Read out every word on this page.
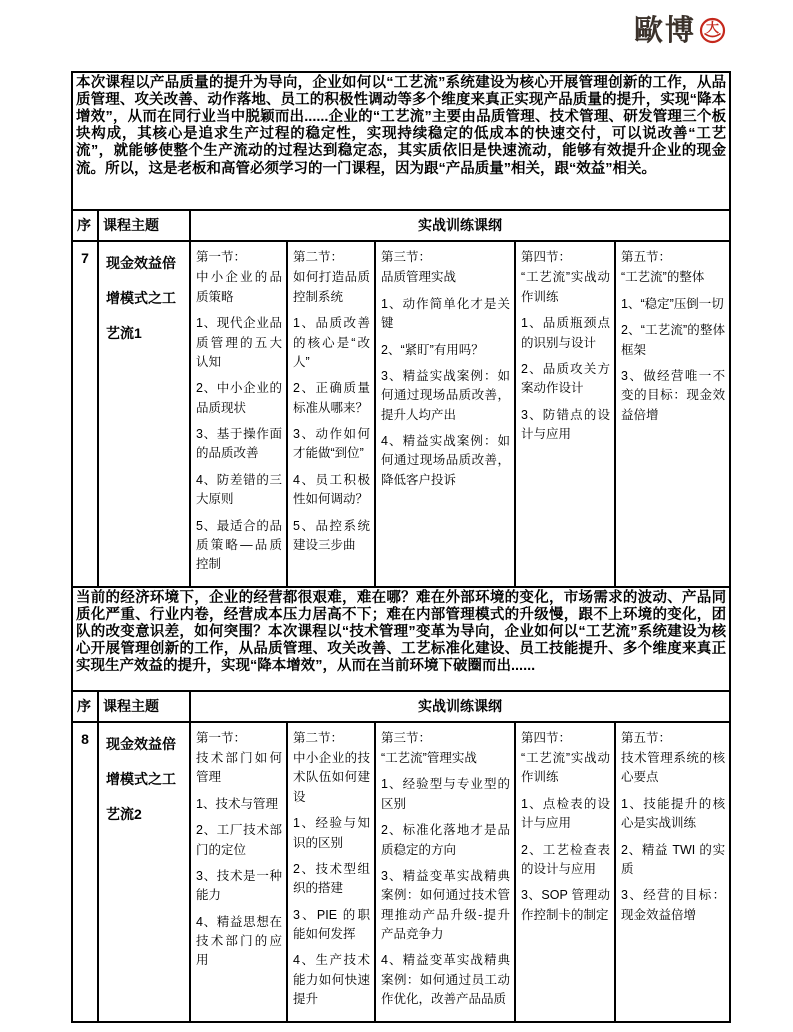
歐博 大
本次课程以产品质量的提升为导向，企业如何以“工艺流”系统建设为核心开展管理创新的工作，从品质管理、攻关改善、动作落地、员工的积极性调动等多个维度来真正实现产品质量的提升，实现“降本增效”，从而在同行业当中脱颖而出......企业的“工艺流”主要由品质管理、技术管理、研发管理三个板块构成，其核心是追求生产过程的稳定性，实现持续稳定的低成本的快速交付，可以说改善“工艺流”，就能够使整个生产流动的过程达到稳定态，其实质依旧是快速流动，能够有效提升企业的现金流。所以，这是老板和高管必须学习的一门课程，因为跟“产品质量”相关，跟“效益”相关。						
序	课程主题	实战训练课纲				
7	现金效益倍增模式之工艺流1	
第一节：
中小企业的品质策略
1、现代企业品质管理的五大认知
2、中小企业的品质现状
3、基于操作面的品质改善
4、防差错的三大原则
5、最适合的品质策略—品质控制

第二节：
如何打造品质控制系统
1、品质改善的核心是“改人”
2、正确质量标准从哪来？
3、动作如何才能做“到位”
4、员工积极性如何调动？
5、品控系统建设三步曲

第三节：
品质管理实战
1、动作简单化才是关键
2、“紧盯”有用吗？
3、精益实战案例：如何通过现场品质改善， 提升人均产出
4、精益实战案例：如何通过现场品质改善，降低客户投诉

第四节：
“工艺流”实战动作训练
1、品质瓶颈点的识别与设计
2、品质攻关方案动作设计
3、防错点的设计与应用

第五节：
“工艺流”的整体
1、“稳定”压倒一切
2、“工艺流”的整体框架
3、做经营唯一不变的目标：现金效益倍增

当前的经济环境下，企业的经营都很艰难，难在哪？难在外部环境的变化，市场需求的波动、产品同质化严重、行业内卷，经营成本压力居高不下；难在内部管理模式的升级慢，跟不上环境的变化，团队的改变意识差，如何突围？本次课程以“技术管理”变革为导向，企业如何以“工艺流”系统建设为核心开展管理创新的工作，从品质管理、攻关改善、工艺标准化建设、员工技能提升、多个维度来真正实现生产效益的提升，实现“降本增效”，从而在当前环境下破圈而出......						
序	课程主题	实战训练课纲				
8	现金效益倍增模式之工艺流2	
第一节：
技术部门如何管理
1、技术与管理
2、工厂技术部门的定位
3、技术是一种能力
4、精益思想在技术部门的应用

第二节：
中小企业的技术队伍如何建设
1、经验与知识的区别
2、技术型组织的搭建
3、PIE 的职能如何发挥
4、生产技术能力如何快速提升

第三节：
“工艺流”管理实战
1、经验型与专业型的区别
2、标准化落地才是品质稳定的方向
3、精益变革实战精典案例：如何通过技术管理推动产品升级-提升产品竞争力
4、精益变革实战精典案例：如何通过员工动作优化，改善产品品质

第四节：
“工艺流”实战动作训练
1、点检表的设计与应用
2、工艺检查表的设计与应用
3、SOP 管理动作控制卡的制定

第五节：
技术管理系统的核心要点
1、技能提升的核心是实战训练
2、精益 TWI 的实质
3、经营的目标：现金效益倍增
